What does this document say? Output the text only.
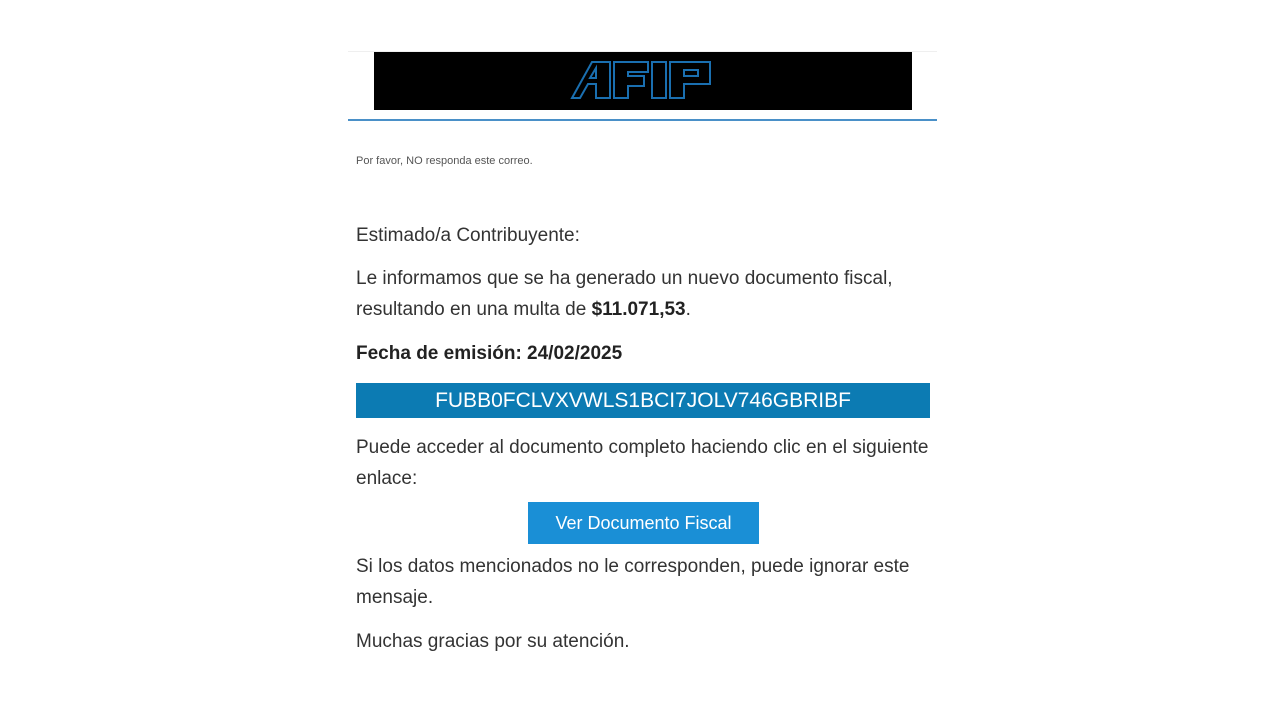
Por favor, NO responda este correo.
Estimado/a Contribuyente:
Le informamos que se ha generado un nuevo documento fiscal, resultando en una multa de $11.071,53.
Fecha de emisión: 24/02/2025
FUBB0FCLVXVWLS1BCI7JOLV746GBRIBF
Puede acceder al documento completo haciendo clic en el siguiente enlace:
Ver Documento Fiscal
Si los datos mencionados no le corresponden, puede ignorar este mensaje.
Muchas gracias por su atención.
